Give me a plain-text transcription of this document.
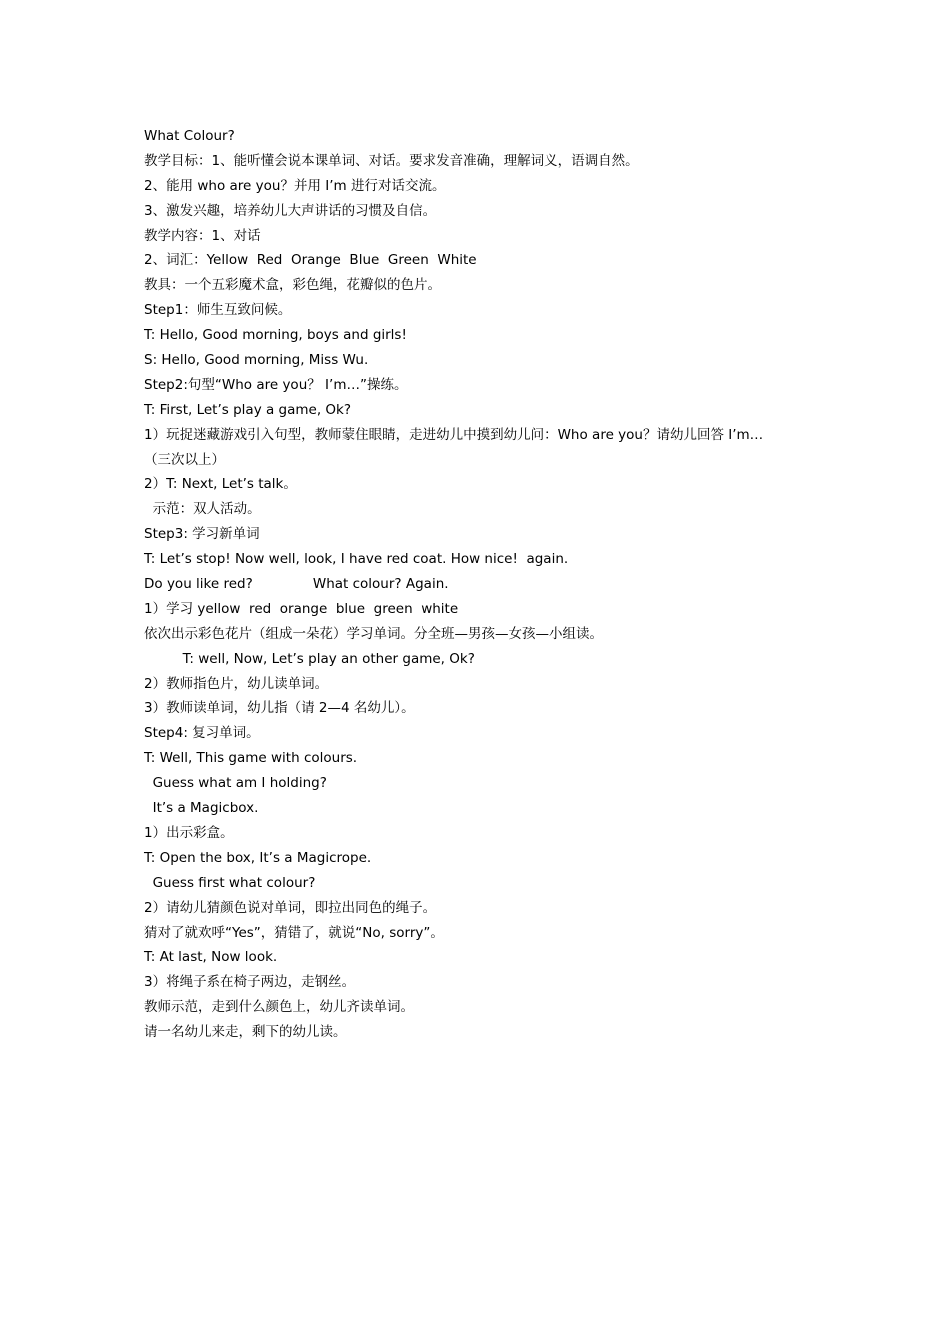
What Colour?
教学目标：1、能听懂会说本课单词、对话。要求发音准确，理解词义，语调自然。
2、能用 who are you？并用 I’m 进行对话交流。
3、激发兴趣，培养幼儿大声讲话的习惯及自信。
教学内容：1、对话
2、词汇：Yellow  Red  Orange  Blue  Green  White
教具：一个五彩魔术盒，彩色绳，花瓣似的色片。
Step1：师生互致问候。
T: Hello, Good morning, boys and girls!
S: Hello, Good morning, Miss Wu.
Step2:句型“Who are you？ I’m…”操练。
T: First, Let’s play a game, Ok?
1）玩捉迷藏游戏引入句型，教师蒙住眼睛，走进幼儿中摸到幼儿问：Who are you？请幼儿回答 I’m…
（三次以上）
2）T: Next, Let’s talk。
示范：双人活动。
Step3: 学习新单词
T: Let’s stop! Now well, look, I have red coat. How nice!  again.
Do you like red?              What colour? Again.
1）学习 yellow  red  orange  blue  green  white
依次出示彩色花片（组成一朵花）学习单词。分全班—男孩—女孩—小组读。
T: well, Now, Let’s play an other game, Ok?
2）教师指色片，幼儿读单词。
3）教师读单词，幼儿指（请 2—4 名幼儿）。
Step4: 复习单词。
T: Well, This game with colours.
Guess what am I holding?
It’s a Magicbox.
1）出示彩盒。
T: Open the box, It’s a Magicrope.
Guess first what colour?
2）请幼儿猜颜色说对单词，即拉出同色的绳子。
猜对了就欢呼“Yes”，猜错了，就说“No, sorry”。
T: At last, Now look.
3）将绳子系在椅子两边，走钢丝。
教师示范，走到什么颜色上，幼儿齐读单词。
请一名幼儿来走，剩下的幼儿读。
